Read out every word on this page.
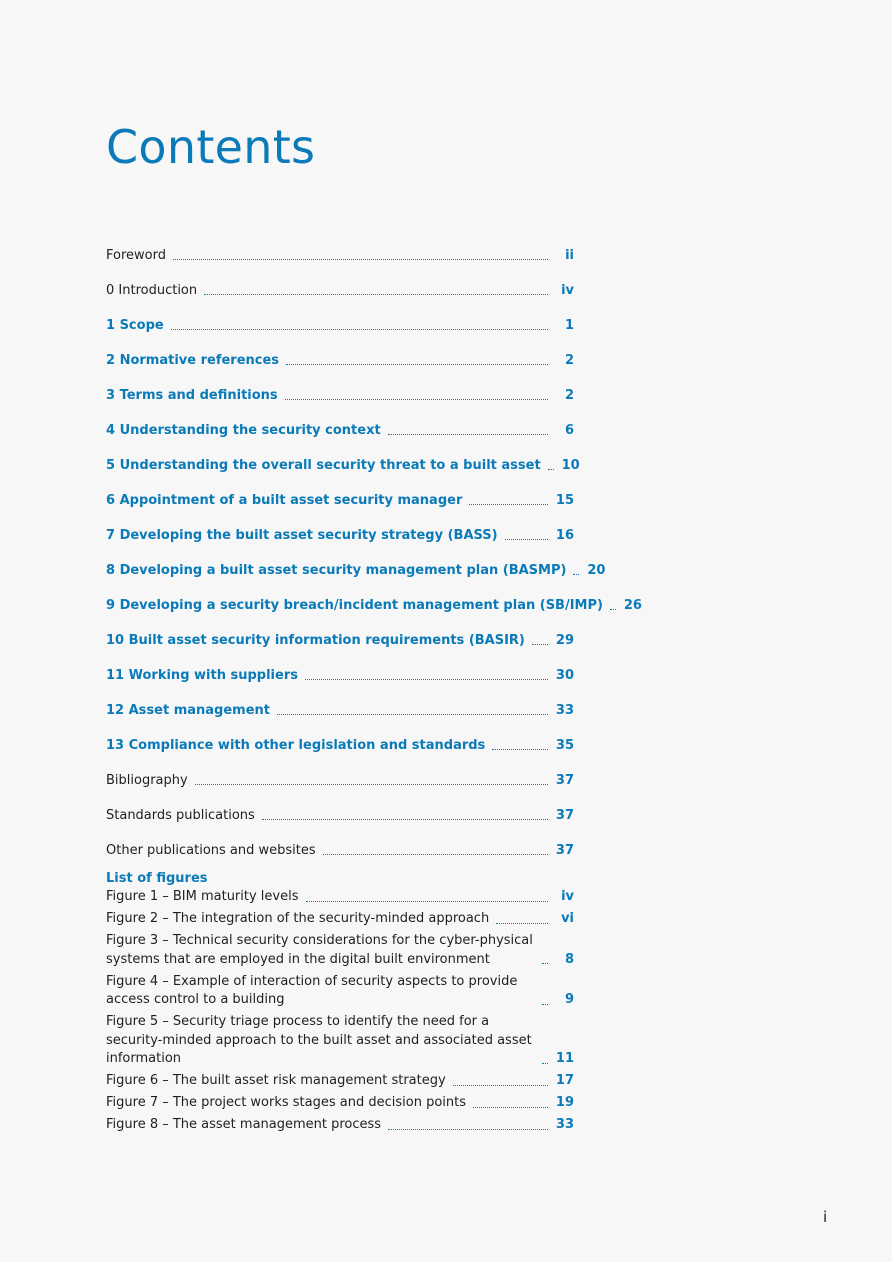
Contents
Foreword	ii
0 Introduction	iv
1 Scope	1
2 Normative references	2
3 Terms and definitions	2
4 Understanding the security context	6
5 Understanding the overall security threat to a built asset	10
6 Appointment of a built asset security manager	15
7 Developing the built asset security strategy (BASS)	16
8 Developing a built asset security management plan (BASMP)	20
9 Developing a security breach/incident management plan (SB/IMP)	26
10 Built asset security information requirements (BASIR)	29
11 Working with suppliers	30
12 Asset management	33
13 Compliance with other legislation and standards	35
Bibliography	37
Standards publications	37
Other publications and websites	37
List of figures
Figure 1 – BIM maturity levels	iv
Figure 2 – The integration of the security-minded approach	vi
Figure 3 – Technical security considerations for the cyber-physical systems that are employed in the digital built environment	8
Figure 4 – Example of interaction of security aspects to provide access control to a building	9
Figure 5 – Security triage process to identify the need for a security-minded approach to the built asset and associated asset information	11
Figure 6 – The built asset risk management strategy	17
Figure 7 – The project works stages and decision points	19
Figure 8 – The asset management process	33
i
